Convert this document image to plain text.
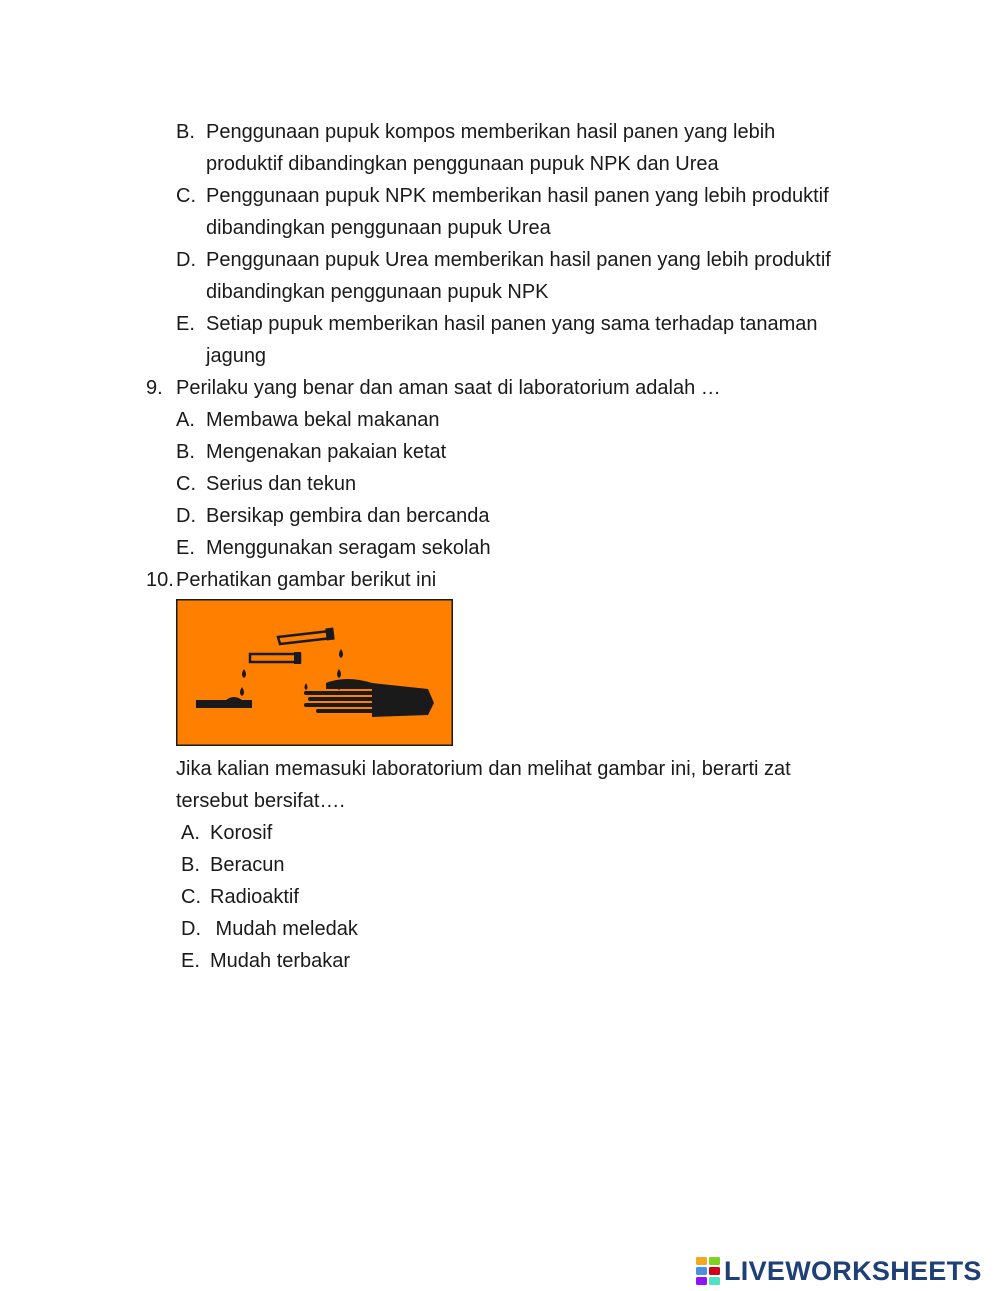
B. Penggunaan pupuk kompos memberikan hasil panen yang lebih
produktif dibandingkan penggunaan pupuk NPK dan Urea
C. Penggunaan pupuk NPK memberikan hasil panen yang lebih produktif
dibandingkan penggunaan pupuk Urea
D. Penggunaan pupuk Urea memberikan hasil panen yang lebih produktif
dibandingkan penggunaan pupuk NPK
E. Setiap pupuk memberikan hasil panen yang sama terhadap tanaman
jagung
9. Perilaku yang benar dan aman saat di laboratorium adalah …
A. Membawa bekal makanan
B. Mengenakan pakaian ketat
C. Serius dan tekun
D. Bersikap gembira dan bercanda
E. Menggunakan seragam sekolah
10. Perhatikan gambar berikut ini
Jika kalian memasuki laboratorium dan melihat gambar ini, berarti zat
tersebut bersifat….
A. Korosif
B. Beracun
C. Radioaktif
D. Mudah meledak
E. Mudah terbakar
LIVEWORKSHEETS
